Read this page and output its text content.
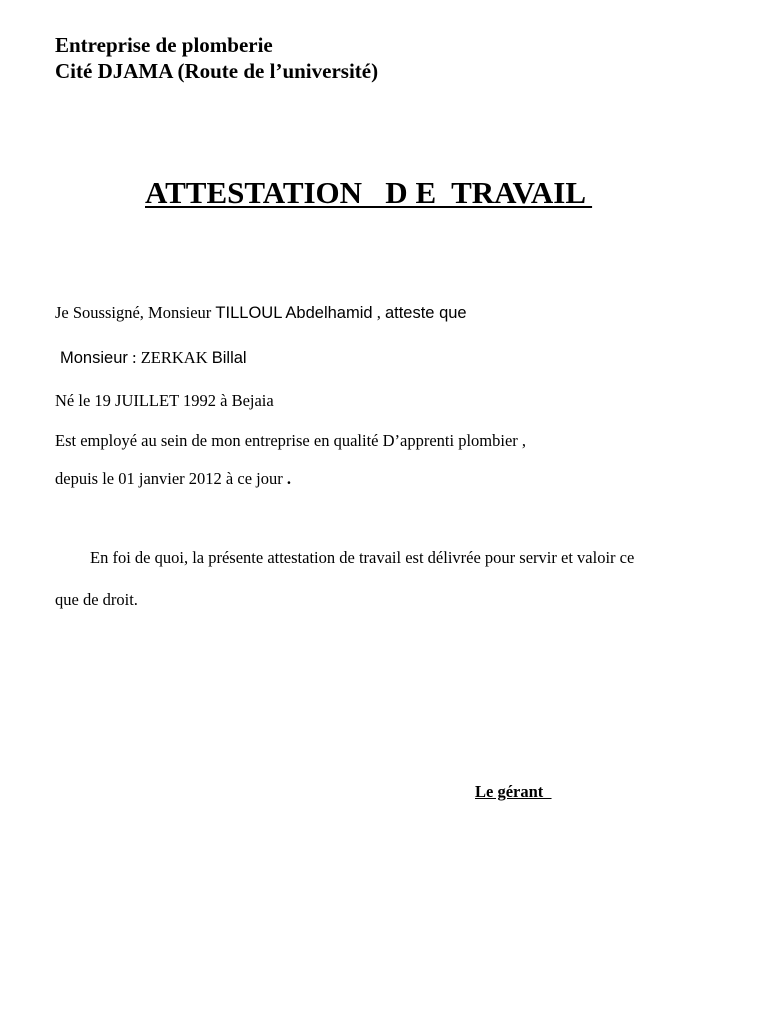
Entreprise de plomberie
Cité DJAMA (Route de l’université)
ATTESTATION   D E  TRAVAIL
Je Soussigné, Monsieur TILLOUL Abdelhamid , atteste que
Monsieur : ZERKAK Billal
Né le 19 JUILLET 1992 à Bejaia
Est employé au sein de mon entreprise en qualité D’apprenti plombier ,
depuis le 01 janvier 2012 à ce jour .
En foi de quoi, la présente attestation de travail est délivrée pour servir et valoir ce
que de droit.
Le gérant
